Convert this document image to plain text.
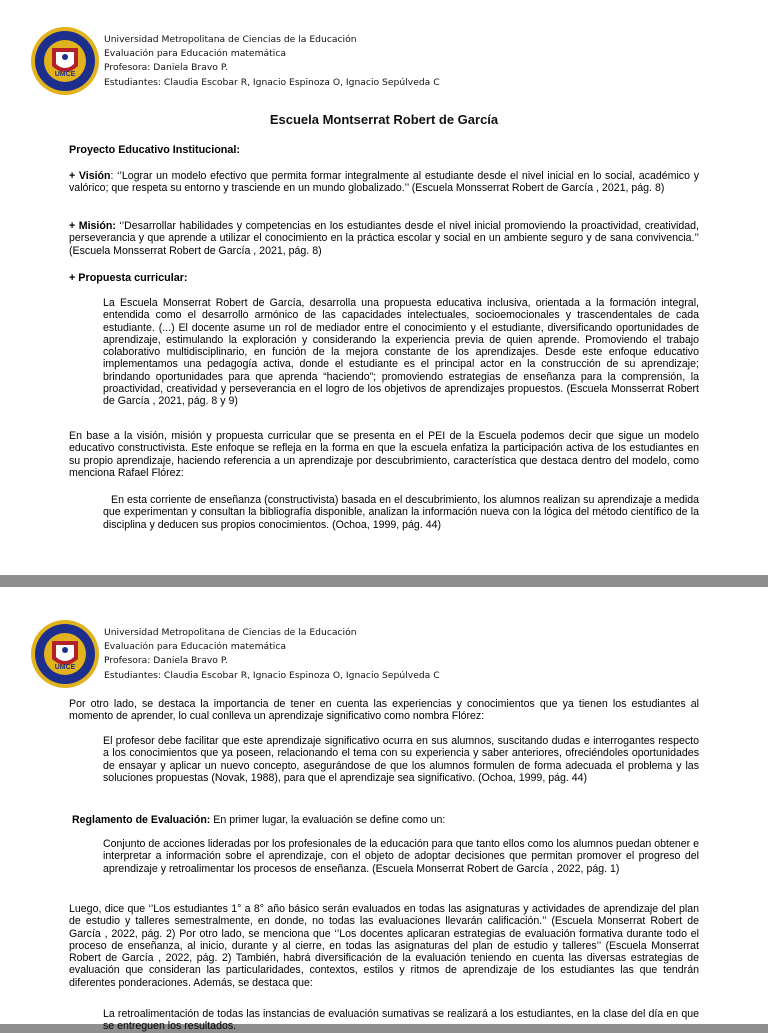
UMCE
Universidad Metropolitana de Ciencias de la Educación
Evaluación para Educación matemática
Profesora: Daniela Bravo P.
Estudiantes: Claudia Escobar R, Ignacio Espinoza O, Ignacio Sepúlveda C
Escuela Montserrat Robert de García
Proyecto Educativo Institucional:
+ Visión: ‘’Lograr un modelo efectivo que permita formar integralmente al estudiante desde el nivel inicial en lo social, académico y valórico; que respeta su entorno y trasciende en un mundo globalizado.’’ (Escuela Monsserrat Robert de García , 2021, pág. 8)
+ Misión: ‘’Desarrollar habilidades y competencias en los estudiantes desde el nivel inicial promoviendo la proactividad, creatividad, perseverancia y que aprende a utilizar el conocimiento en la práctica escolar y social en un ambiente seguro y de sana convivencia.’’ (Escuela Monsserrat Robert de García , 2021, pág. 8)
+ Propuesta curricular:
La Escuela Monserrat Robert de García, desarrolla una propuesta educativa inclusiva, orientada a la formación integral, entendida como el desarrollo armónico de las capacidades intelectuales, socioemocionales y trascendentales de cada estudiante. (...) El docente asume un rol de mediador entre el conocimiento y el estudiante, diversificando oportunidades de aprendizaje, estimulando la exploración y considerando la experiencia previa de quien aprende. Promoviendo el trabajo colaborativo multidisciplinario, en función de la mejora constante de los aprendizajes. Desde este enfoque educativo implementamos una pedagogía activa, donde el estudiante es el principal actor en la construcción de su aprendizaje; brindando oportunidades para que aprenda “haciendo”; promoviendo estrategias de enseñanza para la comprensión, la proactividad, creatividad y perseverancia en el logro de los objetivos de aprendizajes propuestos. (Escuela Monsserrat Robert de García , 2021, pág. 8 y 9)
En base a la visión, misión y propuesta curricular que se presenta en el PEI de la Escuela podemos decir que sigue un modelo educativo constructivista. Este enfoque se refleja en la forma en que la escuela enfatiza la participación activa de los estudiantes en su propio aprendizaje, haciendo referencia a un aprendizaje por descubrimiento, característica que destaca dentro del modelo, como menciona Rafael Flórez:
En esta corriente de enseñanza (constructivista) basada en el descubrimiento, los alumnos realizan su aprendizaje a medida que experimentan y consultan la bibliografía disponible, analizan la información nueva con la lógica del método científico de la disciplina y deducen sus propios conocimientos. (Ochoa, 1999, pág. 44)
UMCE
Universidad Metropolitana de Ciencias de la Educación
Evaluación para Educación matemática
Profesora: Daniela Bravo P.
Estudiantes: Claudia Escobar R, Ignacio Espinoza O, Ignacio Sepúlveda C
Por otro lado, se destaca la importancia de tener en cuenta las experiencias y conocimientos que ya tienen los estudiantes al momento de aprender, lo cual conlleva un aprendizaje significativo como nombra Flórez:
El profesor debe facilitar que este aprendizaje significativo ocurra en sus alumnos, suscitando dudas e interrogantes respecto a los conocimientos que ya poseen, relacionando el tema con su experiencia y saber anteriores, ofreciéndoles oportunidades de ensayar y aplicar un nuevo concepto, asegurándose de que los alumnos formulen de forma adecuada el problema y las soluciones propuestas (Novak, 1988), para que el aprendizaje sea significativo. (Ochoa, 1999, pág. 44)
Reglamento de Evaluación: En primer lugar, la evaluación se define como un:
Conjunto de acciones lideradas por los profesionales de la educación para que tanto ellos como los alumnos puedan obtener e interpretar a información sobre el aprendizaje, con el objeto de adoptar decisiones que permitan promover el progreso del aprendizaje y retroalimentar los procesos de enseñanza. (Escuela Monserrat Robert de García , 2022, pág. 1)
Luego, dice que ‘’Los estudiantes 1° a 8° año básico serán evaluados en todas las asignaturas y actividades de aprendizaje del plan de estudio y talleres semestralmente, en donde, no todas las evaluaciones llevarán calificación.’’ (Escuela Monserrat Robert de García , 2022, pág. 2) Por otro lado, se menciona que ‘’Los docentes aplicaran estrategias de evaluación formativa durante todo el proceso de enseñanza, al inicio, durante y al cierre, en todas las asignaturas del plan de estudio y talleres’’ (Escuela Monserrat Robert de García , 2022, pág. 2) También, habrá diversificación de la evaluación teniendo en cuenta las diversas estrategias de evaluación que consideran las particularidades, contextos, estilos y ritmos de aprendizaje de los estudiantes las que tendrán diferentes ponderaciones. Además, se destaca que:
La retroalimentación de todas las instancias de evaluación sumativas se realizará a los estudiantes, en la clase del día en que se entreguen los resultados.
